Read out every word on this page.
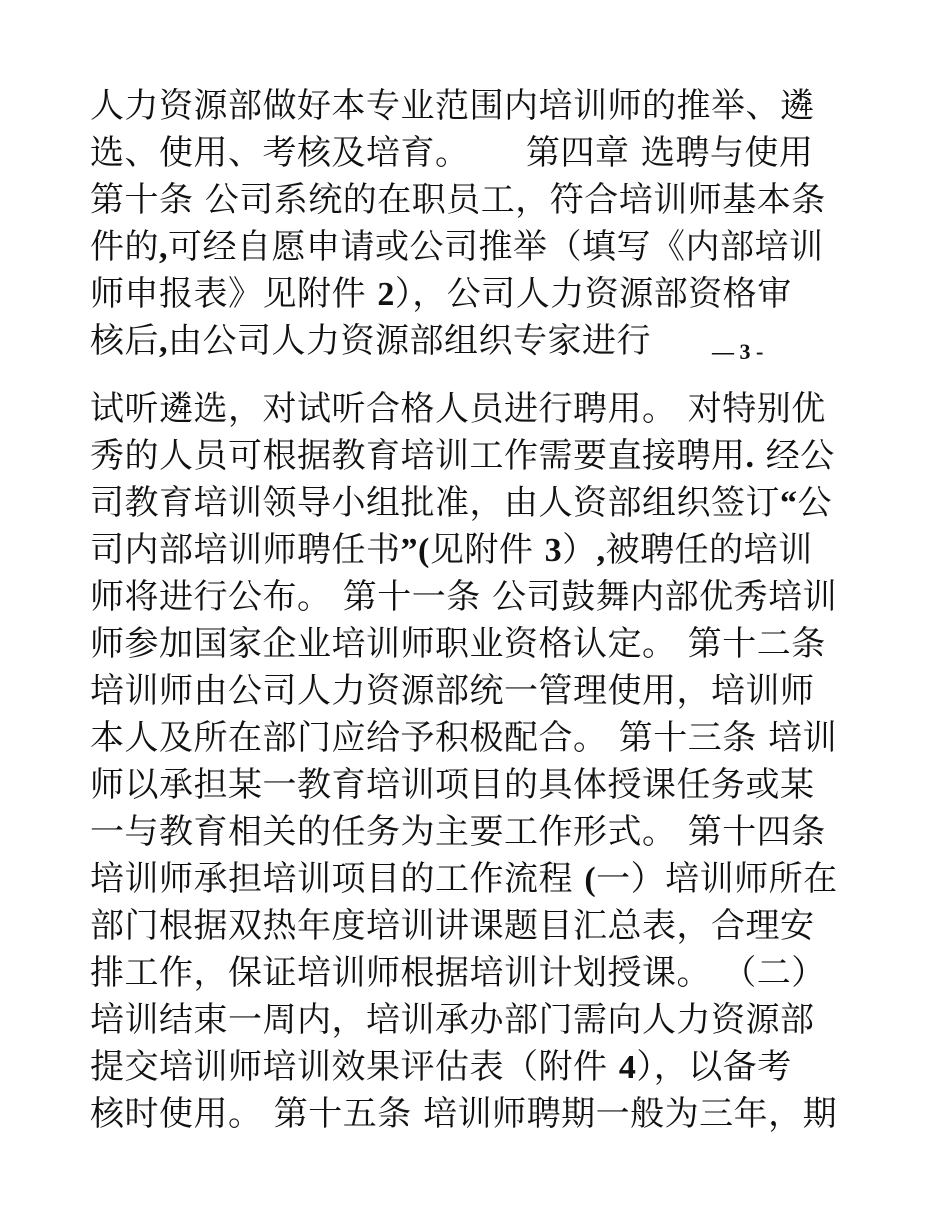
人力资源部做好本专业范围内培训师的推举、遴
选、使用、考核及培育。     第四章 选聘与使用
第十条 公司系统的在职员工，符合培训师基本条
件的,可经自愿申请或公司推举（填写《内部培训
师申报表》见附件 2），公司人力资源部资格审
核后,由公司人力资源部组织专家进行	— 3 -
试听遴选，对试听合格人员进行聘用。 对特别优
秀的人员可根据教育培训工作需要直接聘用. 经公
司教育培训领导小组批准，由人资部组织签订“公
司内部培训师聘任书”(见附件 3）,被聘任的培训
师将进行公布。 第十一条 公司鼓舞内部优秀培训
师参加国家企业培训师职业资格认定。 第十二条
培训师由公司人力资源部统一管理使用，培训师
本人及所在部门应给予积极配合。 第十三条 培训
师以承担某一教育培训项目的具体授课任务或某
一与教育相关的任务为主要工作形式。 第十四条
培训师承担培训项目的工作流程 (一）培训师所在
部门根据双热年度培训讲课题目汇总表，合理安
排工作，保证培训师根据培训计划授课。 （二）
培训结束一周内，培训承办部门需向人力资源部
提交培训师培训效果评估表（附件 4），以备考
核时使用。 第十五条 培训师聘期一般为三年，期
